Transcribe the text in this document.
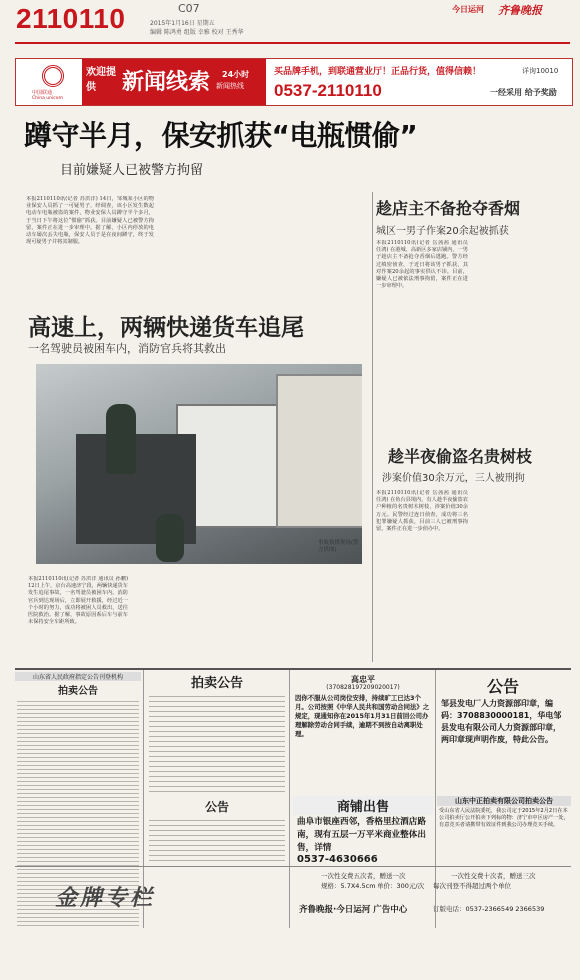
2110110	C07
2015年1月16日 星期五
编辑 陈鸿勇 组版 幸雅 校对 王秀华
今日运河 齐鲁晚报
中国联通
China unicom
欢迎提供	新闻线索 24小时
新闻热线
买品牌手机，到联通营业厅！正品行货，值得信赖！	详询10010
0537-2110110	一经采用 给予奖励
蹲守半月，保安抓获“电瓶惯偷”
目前嫌疑人已被警方拘留
本报2110110讯(记者 苏洪洋) 14日，邹城某小区的物业保安人员抓了一可疑男子，经调查，该小区发生数起电动车电瓶被盗的案件，物业安保人员蹲守半个多月，于当日下午将这位“惯偷”抓获。目前嫌疑人已被警方拘留，案件正在进一步审理中。据了解，小区内停放的电动车屡次丢失电瓶，保安人员于是在夜间蹲守，终于发现可疑男子并将其制服。
趁店主不备抢夺香烟
城区一男子作案20余起被抓获
本报2110110讯(记者 岳茜茜 通讯员 任鸿) 在港城、高新区多家店铺内，一男子趁店主不备抢夺香烟后逃跑。警方经过缜密侦查，于近日将该男子抓获，其对作案20余起的事实供认不讳。目前，嫌疑人已被依法刑事拘留，案件正在进一步审理中。
高速上，两辆快递货车追尾
一名驾驶员被困车内，消防官兵将其救出
事故救援现场(警方供图)
本报2110110讯(记者 苏洪洋 通讯员 孙鹏) 12日上午，京台高速济宁段，两辆快递货车发生追尾事故，一名驾驶员被困车内。消防官兵到达现场后，立即展开救援，经过近一个小时的努力，成功将被困人员救出，送往医院救治。据了解，事故原因系后车与前车未保持安全车距所致。
趁半夜偷盗名贵树枝
涉案价值30余万元，三人被刑拘
本报2110110讯(记者 岳茜茜 通讯员 任鸿) 在鱼台县境内，有人趁半夜偷盗农户种植的名贵树木树枝，涉案价值30余万元。民警经过连日侦查，成功将三名犯罪嫌疑人抓获，目前三人已被刑事拘留，案件正在进一步侦办中。
山东省人民政府指定公告刊登机构
拍卖公告
拍卖公告
公告
高忠平
(370828197209020017)
因你不服从公司岗位安排，持续旷工已达3个月。公司按照《中华人民共和国劳动合同法》之规定，现通知你在2015年1月31日前回公司办理解除劳动合同手续，逾期不到按自动离职处理。
公告
邹县发电厂人力资源部印章，编码：3708830000181，华电邹县发电有限公司人力资源部印章，两印章现声明作废，特此公告。
商铺出售
曲阜市银座西邻，香格里拉酒店路南，现有五层一万平米商业整体出售，详情
0537-4630666
山东中正拍卖有限公司拍卖公告
受山东省人民法院委托，我公司定于2015年2月2日在本公司拍卖厅公开拍卖下列标的物：济宁市中区房产一处，有意竞买者请携带有效证件到我公司办理竞买手续。
金牌专栏
一次性交费五次者，赠送一次	一次性交费十次者，赠送三次
规格：5.7X4.5cm 单价：300元/次 每次刊登不得超过两个单位
齐鲁晚报·今日运河 广告中心	订版电话：0537-2366549 2366539
